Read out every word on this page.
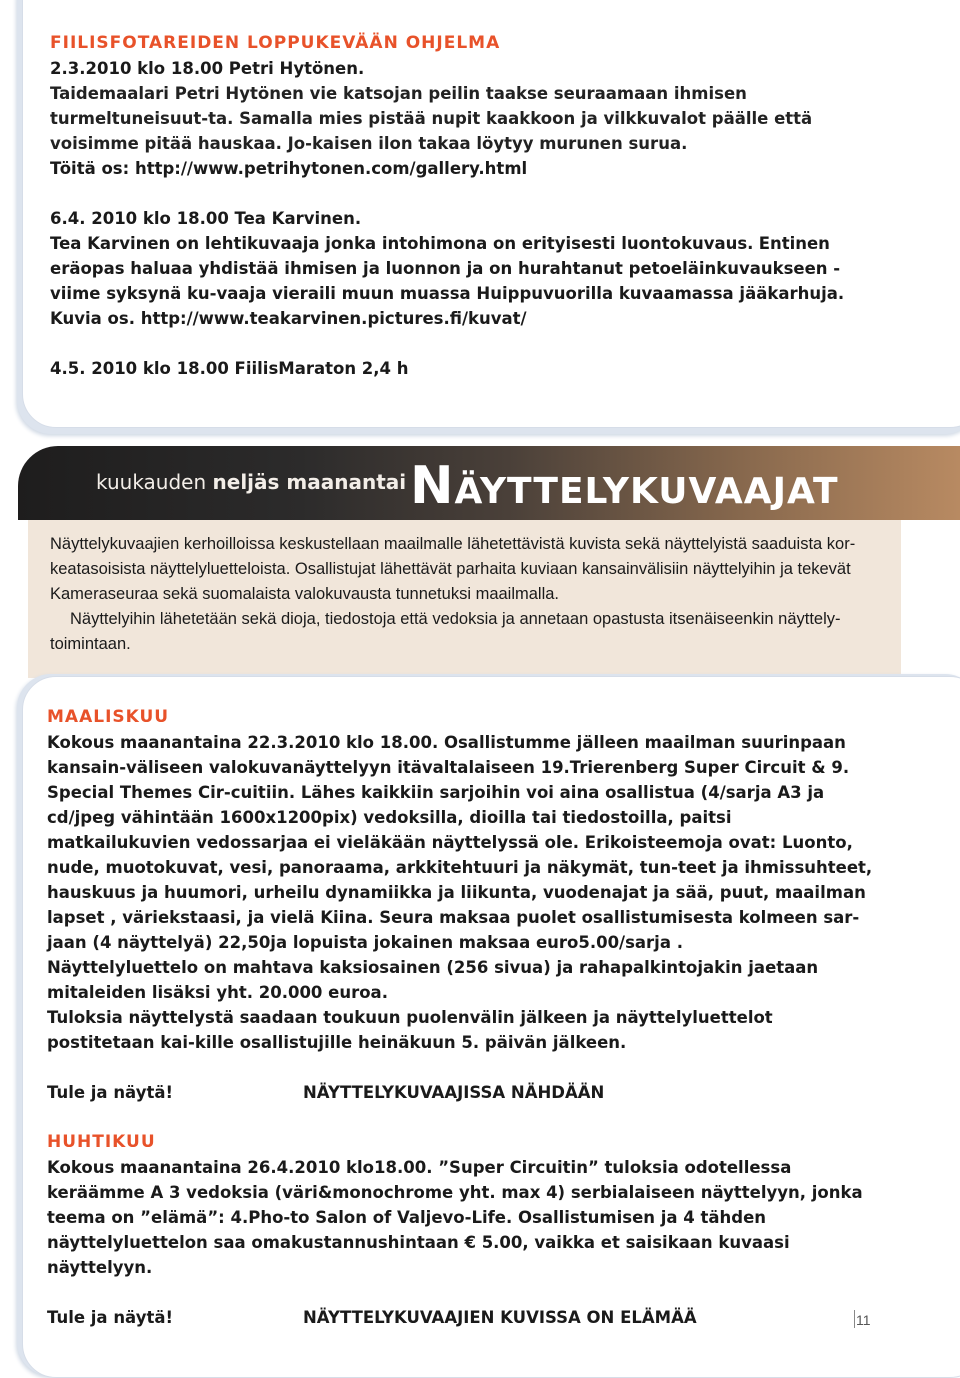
FIILISFOTAREIDEN LOPPUKEVÄÄN OHJELMA

2.3.2010 klo 18.00 Petri Hytönen.

Taidemaalari Petri Hytönen vie katsojan peilin taakse seuraamaan ihmisen turmeltuneisuut-ta. Samalla mies pistää nupit kaakkoon ja vilkkuvalot päälle että voisimme pitää hauskaa. Jo-kaisen ilon takaa löytyy murunen surua.

Töitä os: http://www.petrihytonen.com/gallery.html

6.4. 2010 klo 18.00 Tea Karvinen.

Tea Karvinen on lehtikuvaaja jonka intohimona on erityisesti luontokuvaus. Entinen eräopas haluaa yhdistää ihmisen ja luonnon ja on hurahtanut petoeläinkuvaukseen - viime syksynä ku-vaaja vieraili muun muassa Huippuvuorilla kuvaamassa jääkarhuja.

Kuvia os. http://www.teakarvinen.pictures.fi/kuvat/

4.5. 2010 klo 18.00 FiilisMaraton 2,4 h

kuukauden neljäs maanantai NÄYTTELYKUVAAJAT

Näyttelykuvaajien kerhoilloissa keskustellaan maailmalle lähetettävistä kuvista sekä näyttelyistä saaduista kor-keatasoisista näyttelyluetteloista. Osallistujat lähettävät parhaita kuviaan kansainvälisiin näyttelyihin ja tekevät Kameraseuraa sekä suomalaista valokuvausta tunnetuksi maailmalla.

Näyttelyihin lähetetään sekä dioja, tiedostoja että vedoksia ja annetaan opastusta itsenäiseenkin näyttely-toimintaan.

MAALISKUU

Kokous maanantaina 22.3.2010 klo 18.00. Osallistumme jälleen maailman suurinpaan kansain-väliseen valokuvanäyttelyyn itävaltalaiseen 19.Trierenberg Super Circuit & 9. Special Themes Cir-cuitiin. Lähes kaikkiin sarjoihin voi aina osallistua (4/sarja A3 ja cd/jpeg vähintään 1600x1200pix) vedoksilla, dioilla tai tiedostoilla, paitsi matkailukuvien vedossarjaa ei vieläkään näyttelyssä ole. Erikoisteemoja ovat: Luonto, nude, muotokuvat, vesi, panoraama, arkkitehtuuri ja näkymät, tun-teet ja ihmissuhteet, hauskuus ja huumori, urheilu dynamiikka ja liikunta, vuodenajat ja sää, puut, maailman lapset , väriekstaasi, ja vielä Kiina. Seura maksaa puolet osallistumisesta kolmeen sar-jaan (4 näyttelyä) 22,50ja lopuista jokainen maksaa euro5.00/sarja .

Näyttelyluettelo on mahtava kaksiosainen (256 sivua) ja rahapalkintojakin jaetaan mitaleiden lisäksi yht. 20.000 euroa.

Tuloksia näyttelystä saadaan toukuun puolenvälin jälkeen ja näyttelyluettelot postitetaan kai-kille osallistujille heinäkuun 5. päivän jälkeen.

Tule ja näytä!	NÄYTTELYKUVAAJISSA NÄHDÄÄN

HUHTIKUU

Kokous maanantaina 26.4.2010 klo18.00. ”Super Circuitin” tuloksia odotellessa keräämme A 3 vedoksia (väri&monochrome yht. max 4) serbialaiseen näyttelyyn, jonka teema on ”elämä”: 4.Pho-to Salon of Valjevo-Life. Osallistumisen ja 4 tähden näyttelyluettelon saa omakustannushintaan € 5.00, vaikka et saisikaan kuvaasi näyttelyyn.

Tule ja näytä!	NÄYTTELYKUVAAJIEN KUVISSA ON ELÄMÄÄ	11
